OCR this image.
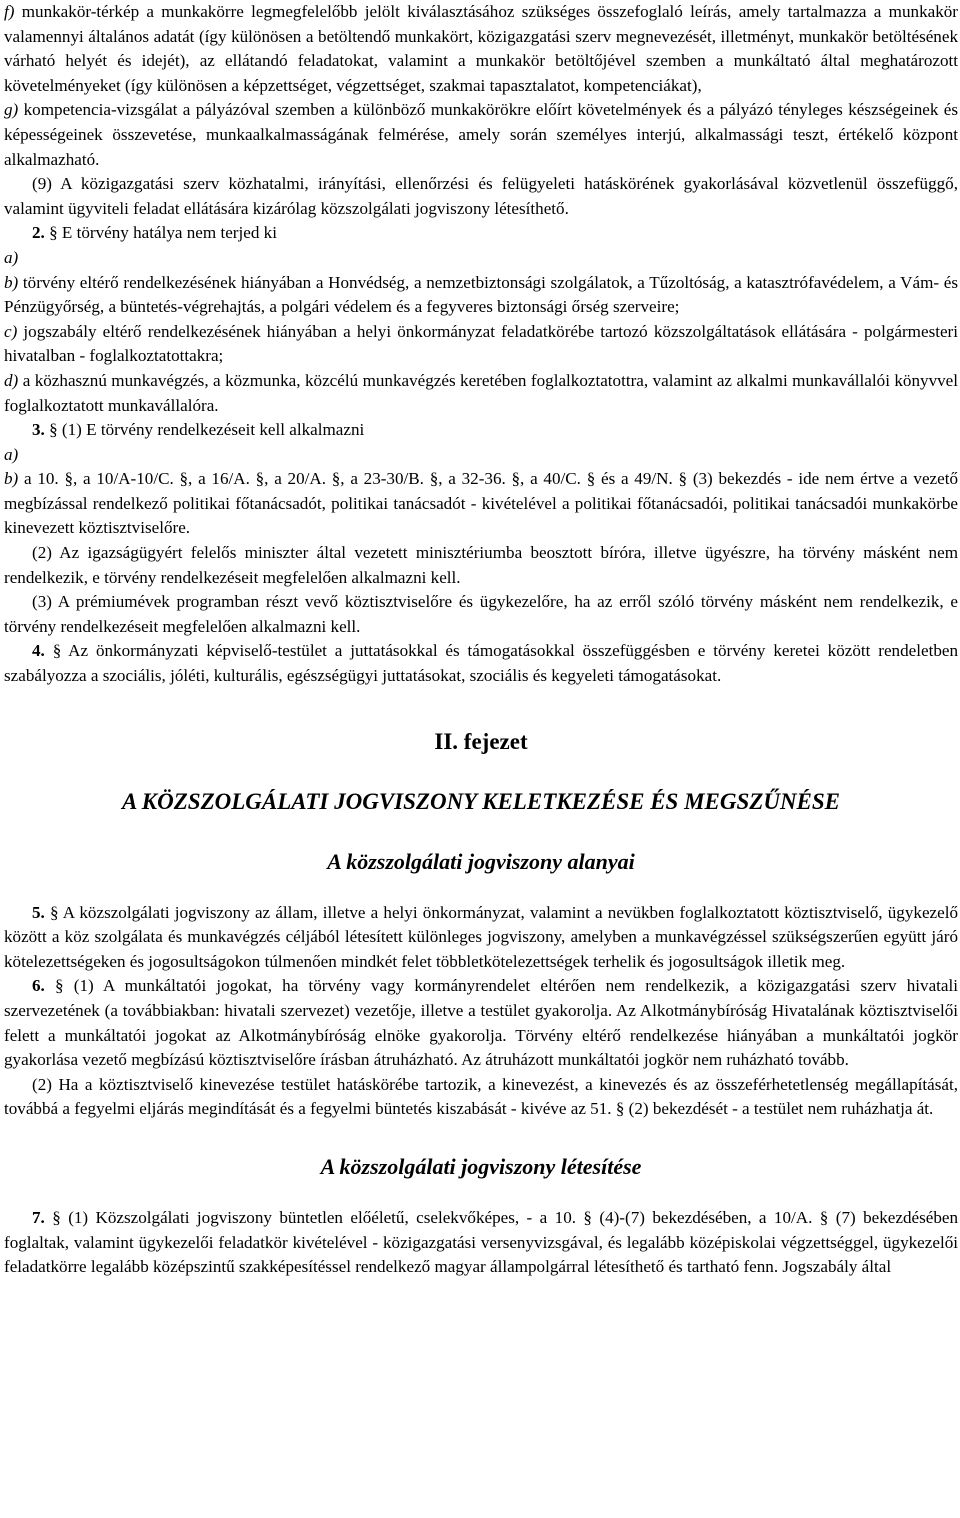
f) munkakör-térkép a munkakörre legmegfelelőbb jelölt kiválasztásához szükséges összefoglaló leírás, amely tartalmazza a munkakör valamennyi általános adatát (így különösen a betöltendő munkakört, közigazgatási szerv megnevezését, illetményt, munkakör betöltésének várható helyét és idejét), az ellátandó feladatokat, valamint a munkakör betöltőjével szemben a munkáltató által meghatározott követelményeket (így különösen a képzettséget, végzettséget, szakmai tapasztalatot, kompetenciákat),

g) kompetencia-vizsgálat a pályázóval szemben a különböző munkakörökre előírt követelmények és a pályázó tényleges készségeinek és képességeinek összevetése, munkaalkalmasságának felmérése, amely során személyes interjú, alkalmassági teszt, értékelő központ alkalmazható.

(9) A közigazgatási szerv közhatalmi, irányítási, ellenőrzési és felügyeleti hatáskörének gyakorlásával közvetlenül összefüggő, valamint ügyviteli feladat ellátására kizárólag közszolgálati jogviszony létesíthető.

2. § E törvény hatálya nem terjed ki

a)

b) törvény eltérő rendelkezésének hiányában a Honvédség, a nemzetbiztonsági szolgálatok, a Tűzoltóság, a katasztrófavédelem, a Vám- és Pénzügyőrség, a büntetés-végrehajtás, a polgári védelem és a fegyveres biztonsági őrség szerveire;

c) jogszabály eltérő rendelkezésének hiányában a helyi önkormányzat feladatkörébe tartozó közszolgáltatások ellátására - polgármesteri hivatalban - foglalkoztatottakra;

d) a közhasznú munkavégzés, a közmunka, közcélú munkavégzés keretében foglalkoztatottra, valamint az alkalmi munkavállalói könyvvel foglalkoztatott munkavállalóra.

3. § (1) E törvény rendelkezéseit kell alkalmazni

a)

b) a 10. §, a 10/A-10/C. §, a 16/A. §, a 20/A. §, a 23-30/B. §, a 32-36. §, a 40/C. § és a 49/N. § (3) bekezdés - ide nem értve a vezető megbízással rendelkező politikai főtanácsadót, politikai tanácsadót - kivételével a politikai főtanácsadói, politikai tanácsadói munkakörbe kinevezett köztisztviselőre.

(2) Az igazságügyért felelős miniszter által vezetett minisztériumba beosztott bíróra, illetve ügyészre, ha törvény másként nem rendelkezik, e törvény rendelkezéseit megfelelően alkalmazni kell.

(3) A prémiumévek programban részt vevő köztisztviselőre és ügykezelőre, ha az erről szóló törvény másként nem rendelkezik, e törvény rendelkezéseit megfelelően alkalmazni kell.

4. § Az önkormányzati képviselő-testület a juttatásokkal és támogatásokkal összefüggésben e törvény keretei között rendeletben szabályozza a szociális, jóléti, kulturális, egészségügyi juttatásokat, szociális és kegyeleti támogatásokat.

II. fejezet

A KÖZSZOLGÁLATI JOGVISZONY KELETKEZÉSE ÉS MEGSZŰNÉSE

A közszolgálati jogviszony alanyai

5. § A közszolgálati jogviszony az állam, illetve a helyi önkormányzat, valamint a nevükben foglalkoztatott köztisztviselő, ügykezelő között a köz szolgálata és munkavégzés céljából létesített különleges jogviszony, amelyben a munkavégzéssel szükségszerűen együtt járó kötelezettségeken és jogosultságokon túlmenően mindkét felet többletkötelezettségek terhelik és jogosultságok illetik meg.

6. § (1) A munkáltatói jogokat, ha törvény vagy kormányrendelet eltérően nem rendelkezik, a közigazgatási szerv hivatali szervezetének (a továbbiakban: hivatali szervezet) vezetője, illetve a testület gyakorolja. Az Alkotmánybíróság Hivatalának köztisztviselői felett a munkáltatói jogokat az Alkotmánybíróság elnöke gyakorolja. Törvény eltérő rendelkezése hiányában a munkáltatói jogkör gyakorlása vezető megbízású köztisztviselőre írásban átruházható. Az átruházott munkáltatói jogkör nem ruházható tovább.

(2) Ha a köztisztviselő kinevezése testület hatáskörébe tartozik, a kinevezést, a kinevezés és az összeférhetetlenség megállapítását, továbbá a fegyelmi eljárás megindítását és a fegyelmi büntetés kiszabását - kivéve az 51. § (2) bekezdését - a testület nem ruházhatja át.

A közszolgálati jogviszony létesítése

7. § (1) Közszolgálati jogviszony büntetlen előéletű, cselekvőképes, - a 10. § (4)-(7) bekezdésében, a 10/A. § (7) bekezdésében foglaltak, valamint ügykezelői feladatkör kivételével - közigazgatási versenyvizsgával, és legalább középiskolai végzettséggel, ügykezelői feladatkörre legalább középszintű szakképesítéssel rendelkező magyar állampolgárral létesíthető és tartható fenn. Jogszabály által
